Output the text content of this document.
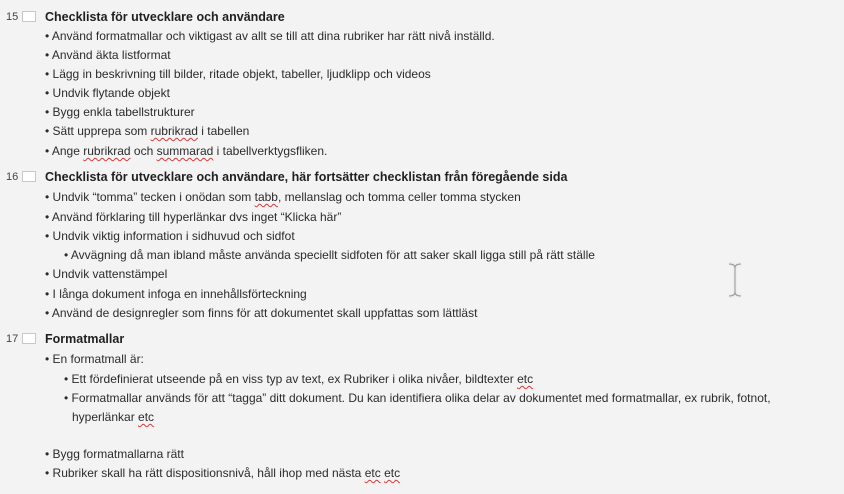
15 Checklista för utvecklare och användare
• Använd formatmallar och viktigast av allt se till att dina rubriker har rätt nivå inställd.
• Använd äkta listformat
• Lägg in beskrivning till bilder, ritade objekt, tabeller, ljudklipp och videos
• Undvik flytande objekt
• Bygg enkla tabellstrukturer
• Sätt upprepa som rubrikrad i tabellen
• Ange rubrikrad och summarad i tabellverktygsfliken.
16 Checklista för utvecklare och användare, här fortsätter checklistan från föregående sida
• Undvik “tomma” tecken i onödan som tabb, mellanslag och tomma celler tomma stycken
• Använd förklaring till hyperlänkar dvs inget “Klicka här”
• Undvik viktig information i sidhuvud och sidfot
• Avvägning då man ibland måste använda speciellt sidfoten för att saker skall ligga still på rätt ställe
• Undvik vattenstämpel
• I långa dokument infoga en innehållsförteckning
• Använd de designregler som finns för att dokumentet skall uppfattas som lättläst
17 Formatmallar
• En formatmall är:
• Ett fördefinierat utseende på en viss typ av text, ex Rubriker i olika nivåer, bildtexter etc
• Formatmallar används för att “tagga” ditt dokument. Du kan identifiera olika delar av dokumentet med formatmallar, ex rubrik, fotnot,
hyperlänkar etc
• Bygg formatmallarna rätt
• Rubriker skall ha rätt dispositionsnivå, håll ihop med nästa etc etc
